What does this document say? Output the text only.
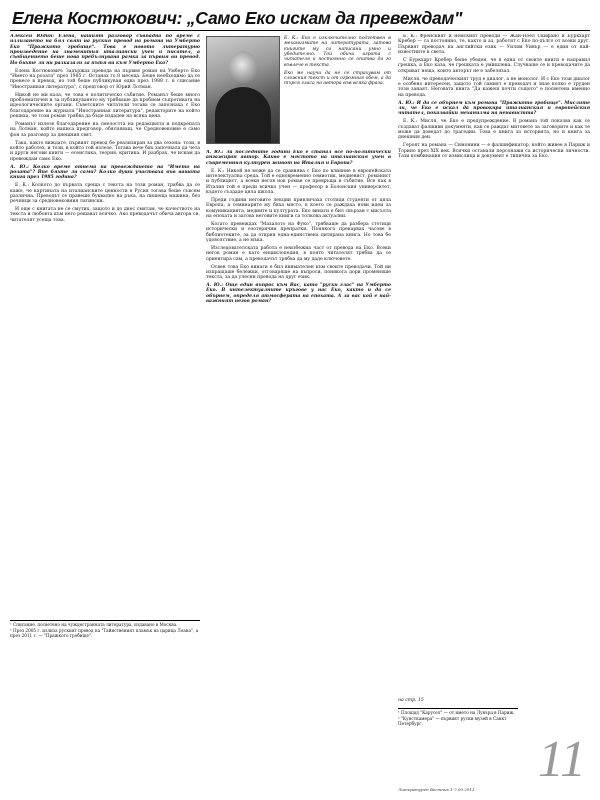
Елена Костюкович: „Само Еко искам да превеждам"

Алексей Юдин: Елена, нашият разговор съвпадна по време с излизането на бял свят на руския превод на романа на Умберто Еко "Пражкото гробище". Това е новото литературно произведение на знаменития италиански учен и писател, а съобщението бешe нова пребълнувана рамка за първия ви превод. Но бихте ли ни разказали за пътя ви към Умберто Еко?

Елена Костюкович: Задържах превода на първия роман на Умберто Еко "Името на розата" през 1985 г. Останах го 8 месеца. Беше необходимо да се пренесе в превод, но той беше публикуван едва през 1988 г. в списание "Иностранная литература", с предговор от Юрий Лотман.

Никой не ми каза, че това е политическо събитие. Романът беше много проблематичен и за публикуването му трябваше да пробием съпротивата на идеологическите органи. Съветските читатели тогава се запознаха с Еко благодарение на журнала "Иностранная литература", редакторите на който решиха, че този роман трябва да бъде издаден на всяка цена.

Романът излезе благодарение на смелостта на редакцията и подкрепата на Лотман, който написа предговор, обясняващ, че Средновековие е само фон за разговор за днешния свят.

Така, както виждате, първият превод бе реализиран за два сезона: този, в който работех, и този, в който той излезе. Тогава вече бях започнала да чета и други негови книги — есеистика, теория, критика. И разбрах, че искам да превеждам само Еко.

А. Ю.: Колко време отнема на превеждането на "Името на розата"? Вие бяхте ли сами? Колко души участваха във вашата книга през 1985 година?

Е. К.: Колкото до първата среща с текста на този роман, трябва да се каже, че картината на италианските ценности в Русия тогава беше съвсем различна. Преводът се правеше буквално на ръка, на пишеща машина, без речници за средновековния латински.

И още с книгата не се смутих, защото и до днес смятам, че качеството на текста и любовта към него решават всичко. Ако преводачът обича автора си, читателят усеща това.

¹ Списание, посветено на чуждестранната литература, издавано в Москва.

² През 2005 г. излиза руският превод на "Тайнственият пламък на царица Лоана", а през 2011 г. — "Пражкото гробище".

Е. К.: Еко е изключително подготвен в механизмите на литературата, затова книгите му са написани умно и убедително. Той обича играта с читателя и постоянно се опитва да го въвлече в текста.

Еко ме научи да не се страхувам от сложния текст и от огромния обем, а да търся гласа на автора във всяка фраза.

А. Ю.: За последните години Еко е станал все по-политически ангажиран автор. Какво е мястото на италианския учен в съвременния културен живот на Италия и Европа?

Е. К.: Никой не може да се сравнява с Еко по влияние в европейската интелектуална среда. Той е едновременно семиотик, медиевист, романист и публицист, а всеки негов нов роман се превръща в събитие. Все пак в Италия той е преди всичко учен — професор в Болонския университет, където създаде цяла школа.

Преди години неговите лекции привличаха стотици студенти от цяла Европа, а семинарите му бяха място, в което се раждаха нови идеи за комуникацията, медиите и културата. Еко винаги е бил свързан с мисълта на епохата и затова неговите книги са толкова актуални.

Когато превеждах "Махалото на Фуко", трябваше да разбера стотици исторически и езотерични препратки. Понякога прекарвах часове в библиотеките, за да открия една-единствена цитирана книга. Но това бе удоволствие, а не мъка.

Изследователската работа е неизбежна част от превода на Еко. Всеки негов роман е като енциклопедия, в която читателят трябва да се ориентира сам, а преводачът трябва да му даде ключовете.

Освен това Еко винаги е бил внимателен към своите преводачи. Той ни изпращаше бележки, отговаряше на въпроси, понякога дори променяше текста, за да улесни превода на друг език.

А. Ю.: Още един въпрос към Вас, като "руски глас" на Умберто Еко. В интелектуалните кръгове у нас Еко, както и да се обърнем, определя атмосферата на епохата. А за вас кой е най-важният негов роман?

Е. К.: Френският и немският преводи — Жан-Ноел Скифано и Буркхарт Кребер — са постоянно, те, както и аз, работят с Еко по-дълго от всеки друг. Първият преводач на английски език — Уилям Уивър — е един от най-известните в света.

С Буркхарт Кребер беше убеден, че в една от своите книги е направил грешка, а Еко каза, че грешката е умишлена. Случваше се и преводачите да откриват неща, които авторът не е забелязал.

Мисля, че преводаческият труд е диалог, а не монолог. И с Еко този диалог е особено интересен, защото той самият е преводач и знае колко е труден този занаят. Неговата книга "Да кажеш почти същото" е посветена именно на превода.

А. Ю.: И да се обърнем към романа "Пражкото гробище". Мислите ли, че Еко е искал да провокира италианския и европейския читател, показвайки механизма на ненавистта?

Е. К.: Мисля, че Еко е предупреждение. В романа той показва как се създават фалшиви документи, как се раждат митовете за заговорите и как те може да доведат до трагедии. Това е книга за историята, но и книга за днешния ден.

Героят на романа — Симонини — е фалшификатор, който живее в Париж и Торино през XIX век. Всички останали персонажи са исторически личности. Тази комбинация от измислица и документ е типична за Еко.

на стр. 15

¹ Площад "Карусел" — от името на Лувъра в Париж.

² "Кунсткамера" — първият руски музей в Санкт Петербург.

Литературен Вестник 1-7.09.2011
11
